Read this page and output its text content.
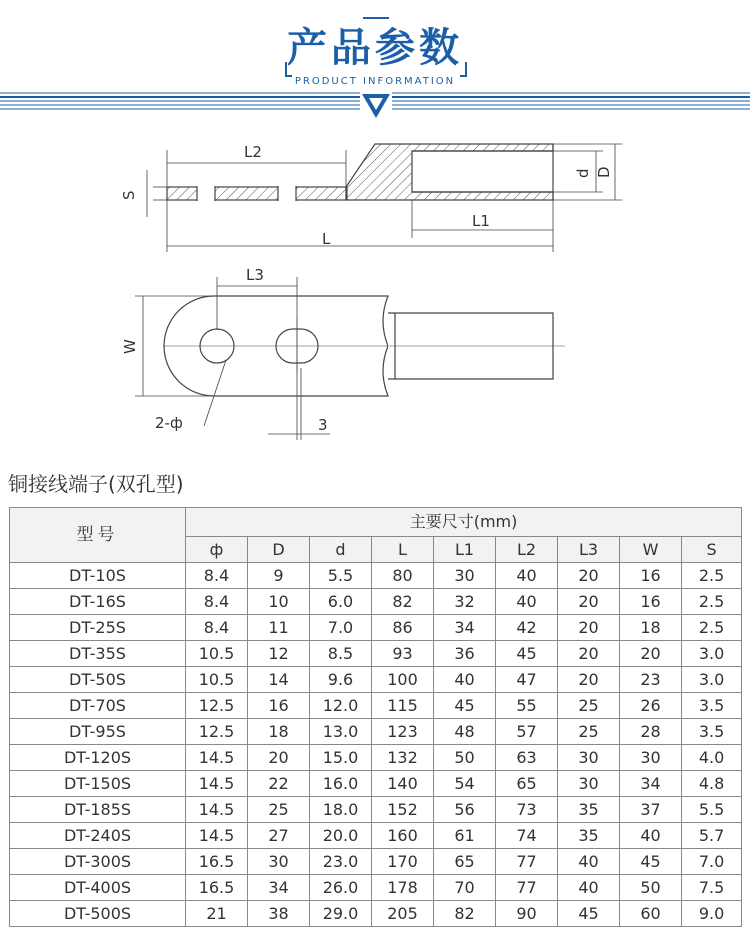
产品参数
PRODUCT INFORMATION
L2
S
L
L1
d D
L3
W
2-ф	3
铜接线端子(双孔型)
型号	主要尺寸(mm)								
	ф	D	d	L	L1	L2	L3	W	S
DT-10S	8.4	9	5.5	80	30	40	20	16	2.5
DT-16S	8.4	10	6.0	82	32	40	20	16	2.5
DT-25S	8.4	11	7.0	86	34	42	20	18	2.5
DT-35S	10.5	12	8.5	93	36	45	20	20	3.0
DT-50S	10.5	14	9.6	100	40	47	20	23	3.0
DT-70S	12.5	16	12.0	115	45	55	25	26	3.5
DT-95S	12.5	18	13.0	123	48	57	25	28	3.5
DT-120S	14.5	20	15.0	132	50	63	30	30	4.0
DT-150S	14.5	22	16.0	140	54	65	30	34	4.8
DT-185S	14.5	25	18.0	152	56	73	35	37	5.5
DT-240S	14.5	27	20.0	160	61	74	35	40	5.7
DT-300S	16.5	30	23.0	170	65	77	40	45	7.0
DT-400S	16.5	34	26.0	178	70	77	40	50	7.5
DT-500S	21	38	29.0	205	82	90	45	60	9.0
